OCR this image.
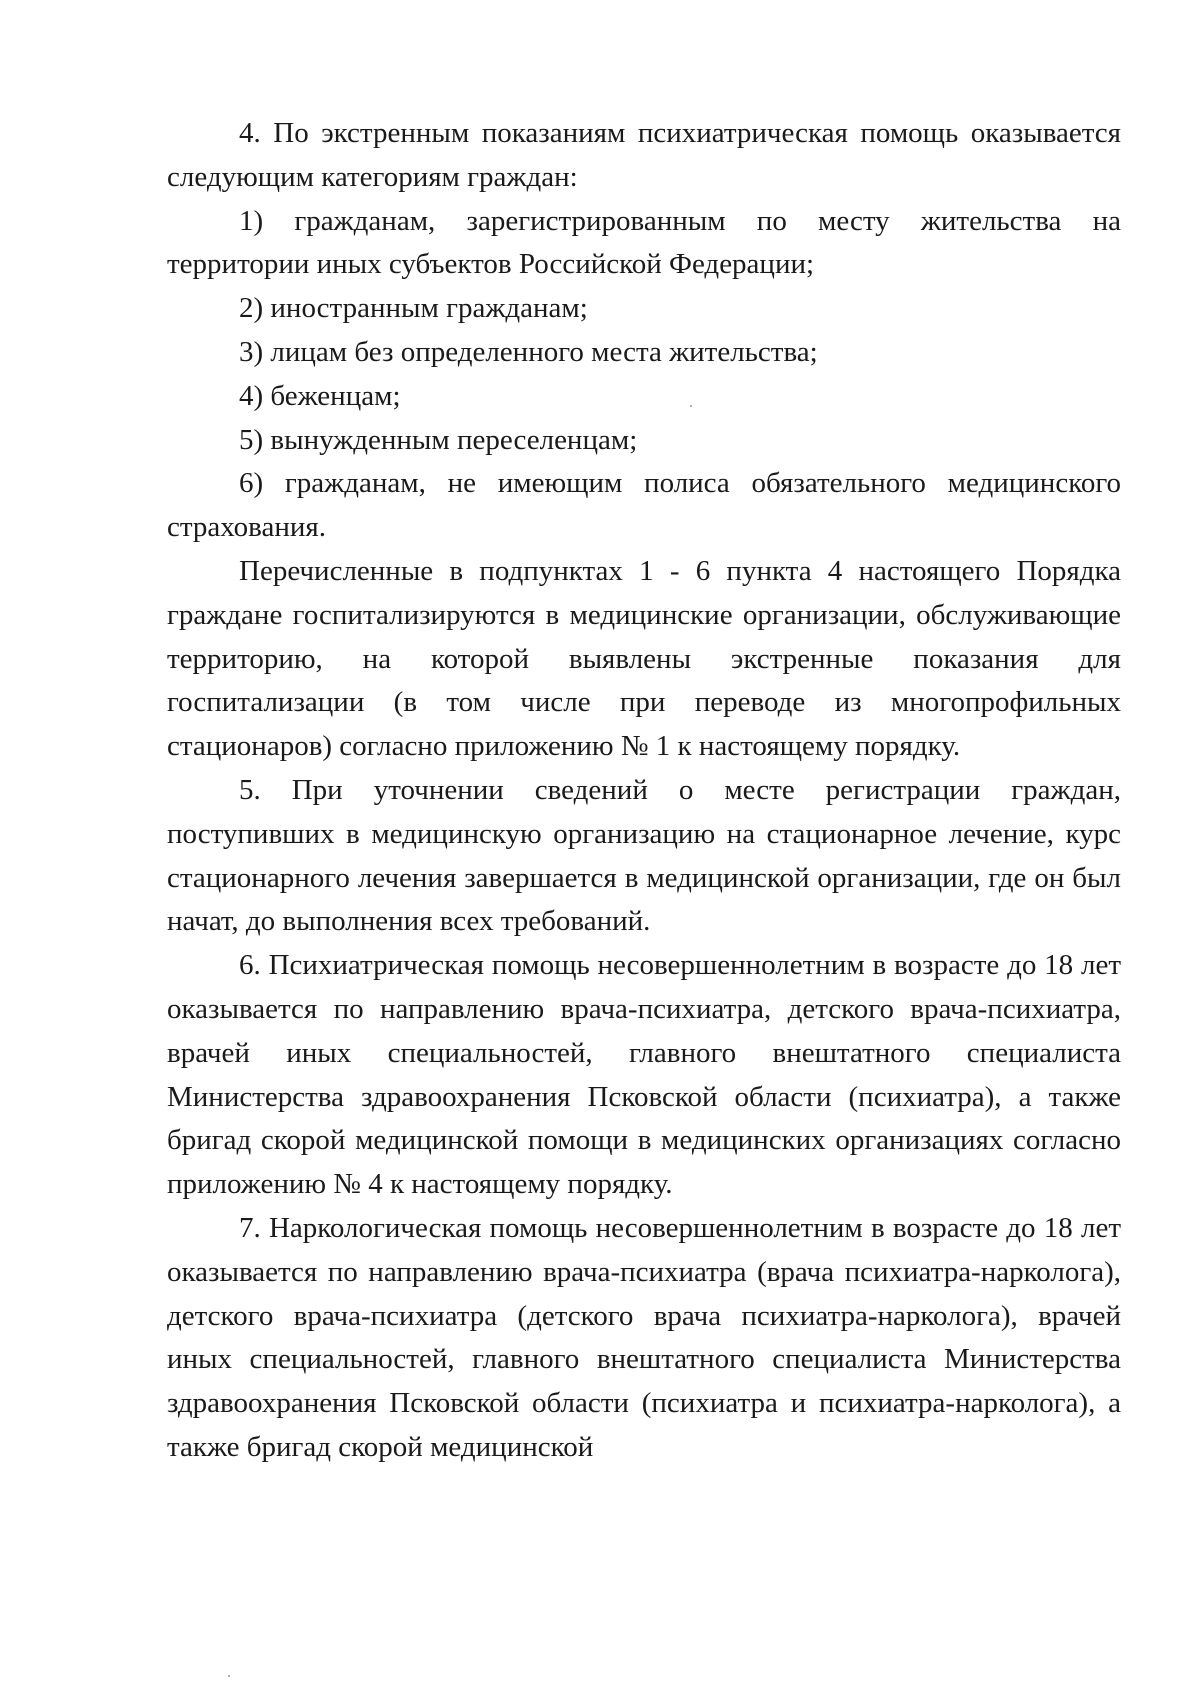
4. По экстренным показаниям психиатрическая помощь оказывается следующим категориям граждан:

1) гражданам, зарегистрированным по месту жительства на территории иных субъектов Российской Федерации;

2) иностранным гражданам;

3) лицам без определенного места жительства;

4) беженцам;

5) вынужденным переселенцам;

6) гражданам, не имеющим полиса обязательного медицинского страхования.

Перечисленные в подпунктах 1 - 6 пункта 4 настоящего Порядка граждане госпитализируются в медицинские организации, обслуживающие территорию, на которой выявлены экстренные показания для госпитализации (в том числе при переводе из многопрофильных стационаров) согласно приложению № 1 к настоящему порядку.

5. При уточнении сведений о месте регистрации граждан, поступивших в медицинскую организацию на стационарное лечение, курс стационарного лечения завершается в медицинской организации, где он был начат, до выполнения всех требований.

6. Психиатрическая помощь несовершеннолетним в возрасте до 18 лет оказывается по направлению врача-психиатра, детского врача-психиатра, врачей иных специальностей, главного внештатного специалиста Министерства здравоохранения Псковской области (психиатра), а также бригад скорой медицинской помощи в медицинских организациях согласно приложению № 4 к настоящему порядку.

7. Наркологическая помощь несовершеннолетним в возрасте до 18 лет оказывается по направлению врача-психиатра (врача психиатра-нарколога), детского врача-психиатра (детского врача психиатра-нарколога), врачей иных специальностей, главного внештатного специалиста Министерства здравоохранения Псковской области (психиатра и психиатра-нарколога), а также бригад скорой медицинской
